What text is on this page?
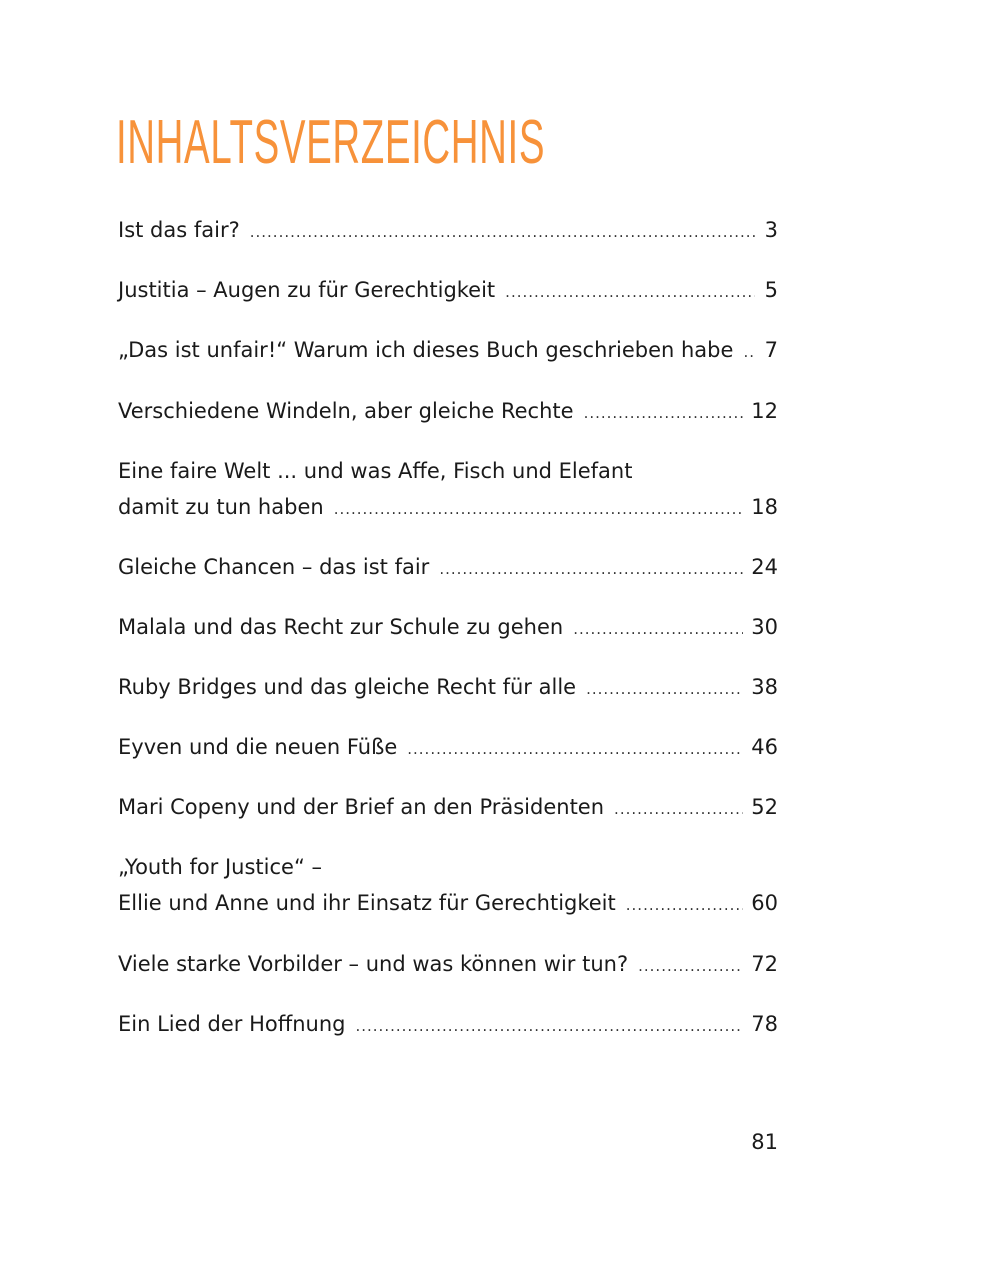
INHALTSVERZEICHNIS
Ist das fair? .....	3
Justitia – Augen zu für Gerechtigkeit .....	5
„Das ist unfair!“ Warum ich dieses Buch geschrieben habe ..... 7
Verschiedene Windeln, aber gleiche Rechte .....	12
Eine faire Welt ... und was Affe, Fisch und Elefant
damit zu tun haben .....	18
Gleiche Chancen – das ist fair .....	24
Malala und das Recht zur Schule zu gehen .....	30
Ruby Bridges und das gleiche Recht für alle .....	38
Eyven und die neuen Füße .....	46
Mari Copeny und der Brief an den Präsidenten .....	52
„Youth for Justice“ –
Ellie und Anne und ihr Einsatz für Gerechtigkeit .....	60
Viele starke Vorbilder – und was können wir tun? .....	72
Ein Lied der Hoffnung .....	78
81
